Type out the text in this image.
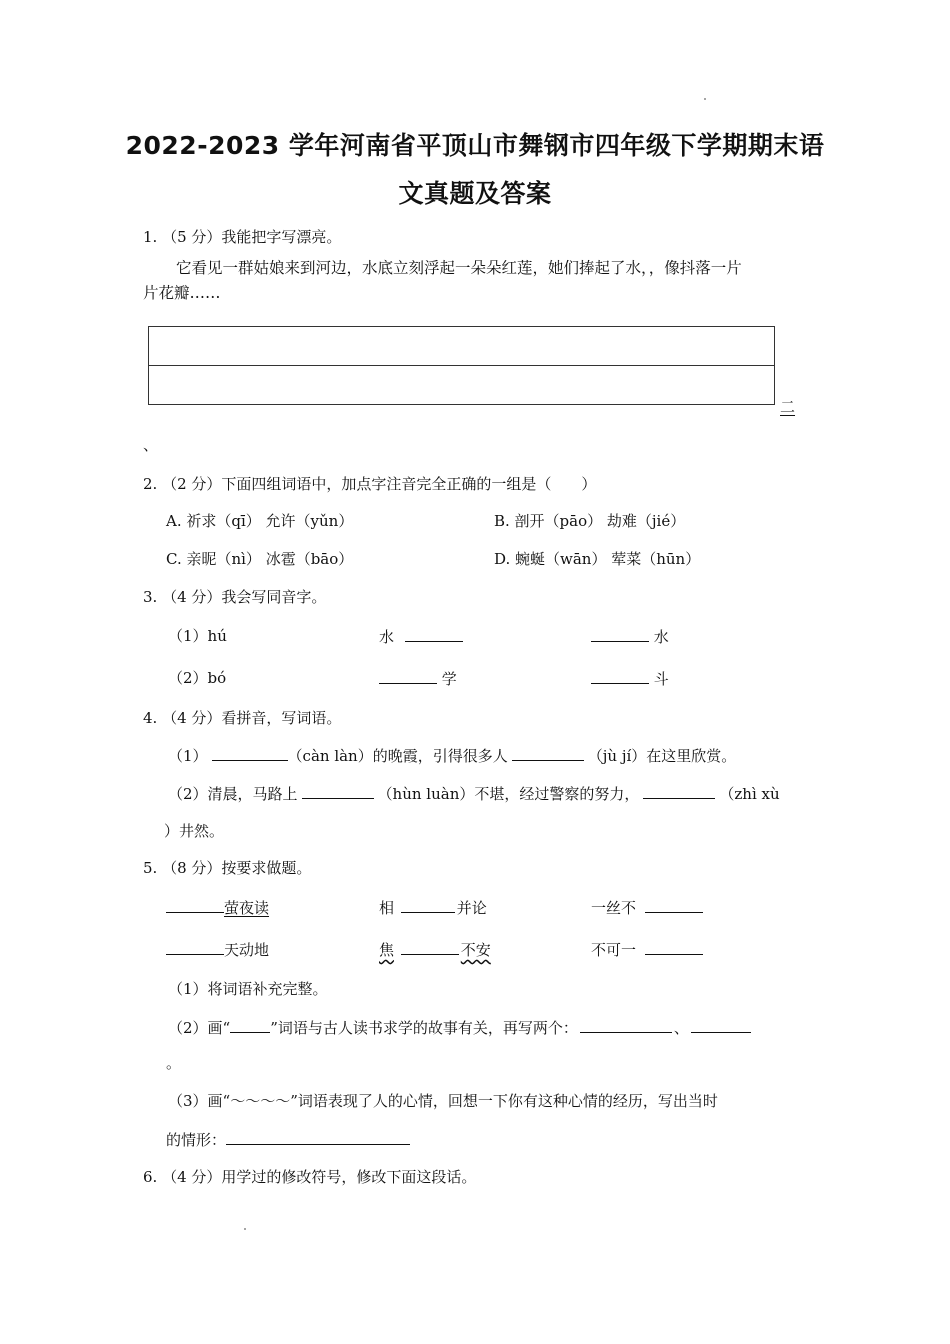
2022-2023 学年河南省平顶山市舞钢市四年级下学期期末语
文真题及答案
1. （5 分）我能把字写漂亮。
它看见一群姑娘来到河边，水底立刻浮起一朵朵红莲，她们捧起了水，，像抖落一片
片花瓣……
二
、
2. （2 分）下面四组词语中，加点字注音完全正确的一组是（　　）
A. 祈求（qī） 允许（yǔn）	B. 剖开（pāo） 劫难（jié）
C. 亲昵（nì） 冰雹（bāo）	D. 蜿蜒（wān） 荤菜（hūn）
3. （4 分）我会写同音字。
（1）hú	水	水
（2）bó	学	斗
4. （4 分）看拼音，写词语。
（1）	（càn làn）的晚霞，引得很多人	（jù jí）在这里欣赏。
（2）清晨，马路上	（hùn luàn）不堪，经过警察的努力，	（zhì xù
）井然。
5. （8 分）按要求做题。
萤夜读	相	并论	一丝不
天动地	焦	不安	不可一
（1）将词语补充完整。
（2）画“	”词语与古人读书求学的故事有关，再写两个：	、
。
（3）画“～～～～”词语表现了人的心情，回想一下你有这种心情的经历，写出当时
的情形：
6. （4 分）用学过的修改符号，修改下面这段话。
